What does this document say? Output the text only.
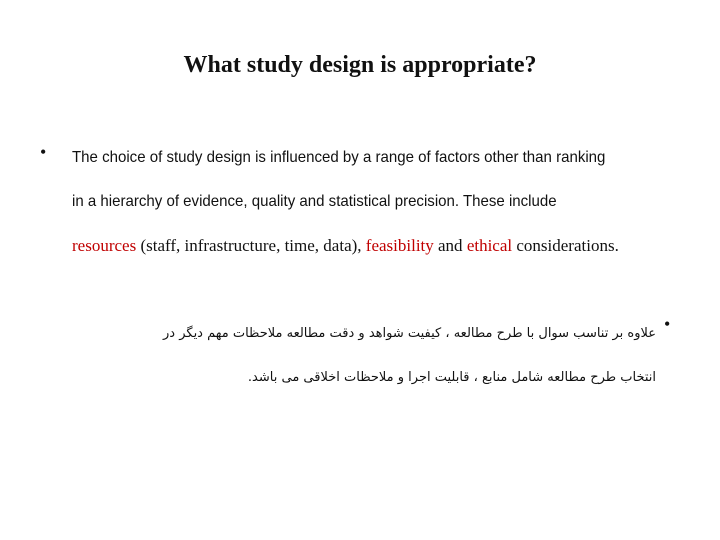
What study design is appropriate?
• The choice of study design is influenced by a range of factors other than ranking
in a hierarchy of evidence, quality and statistical precision. These include
resources (staff, infrastructure, time, data), feasibility and ethical considerations.
•
علاوه بر تناسب سوال با طرح مطالعه ، کیفیت شواهد و دقت مطالعه ملاحظات مهم دیگر در
انتخاب طرح مطالعه شامل منابع ، قابلیت اجرا و ملاحظات اخلاقی می باشد.
